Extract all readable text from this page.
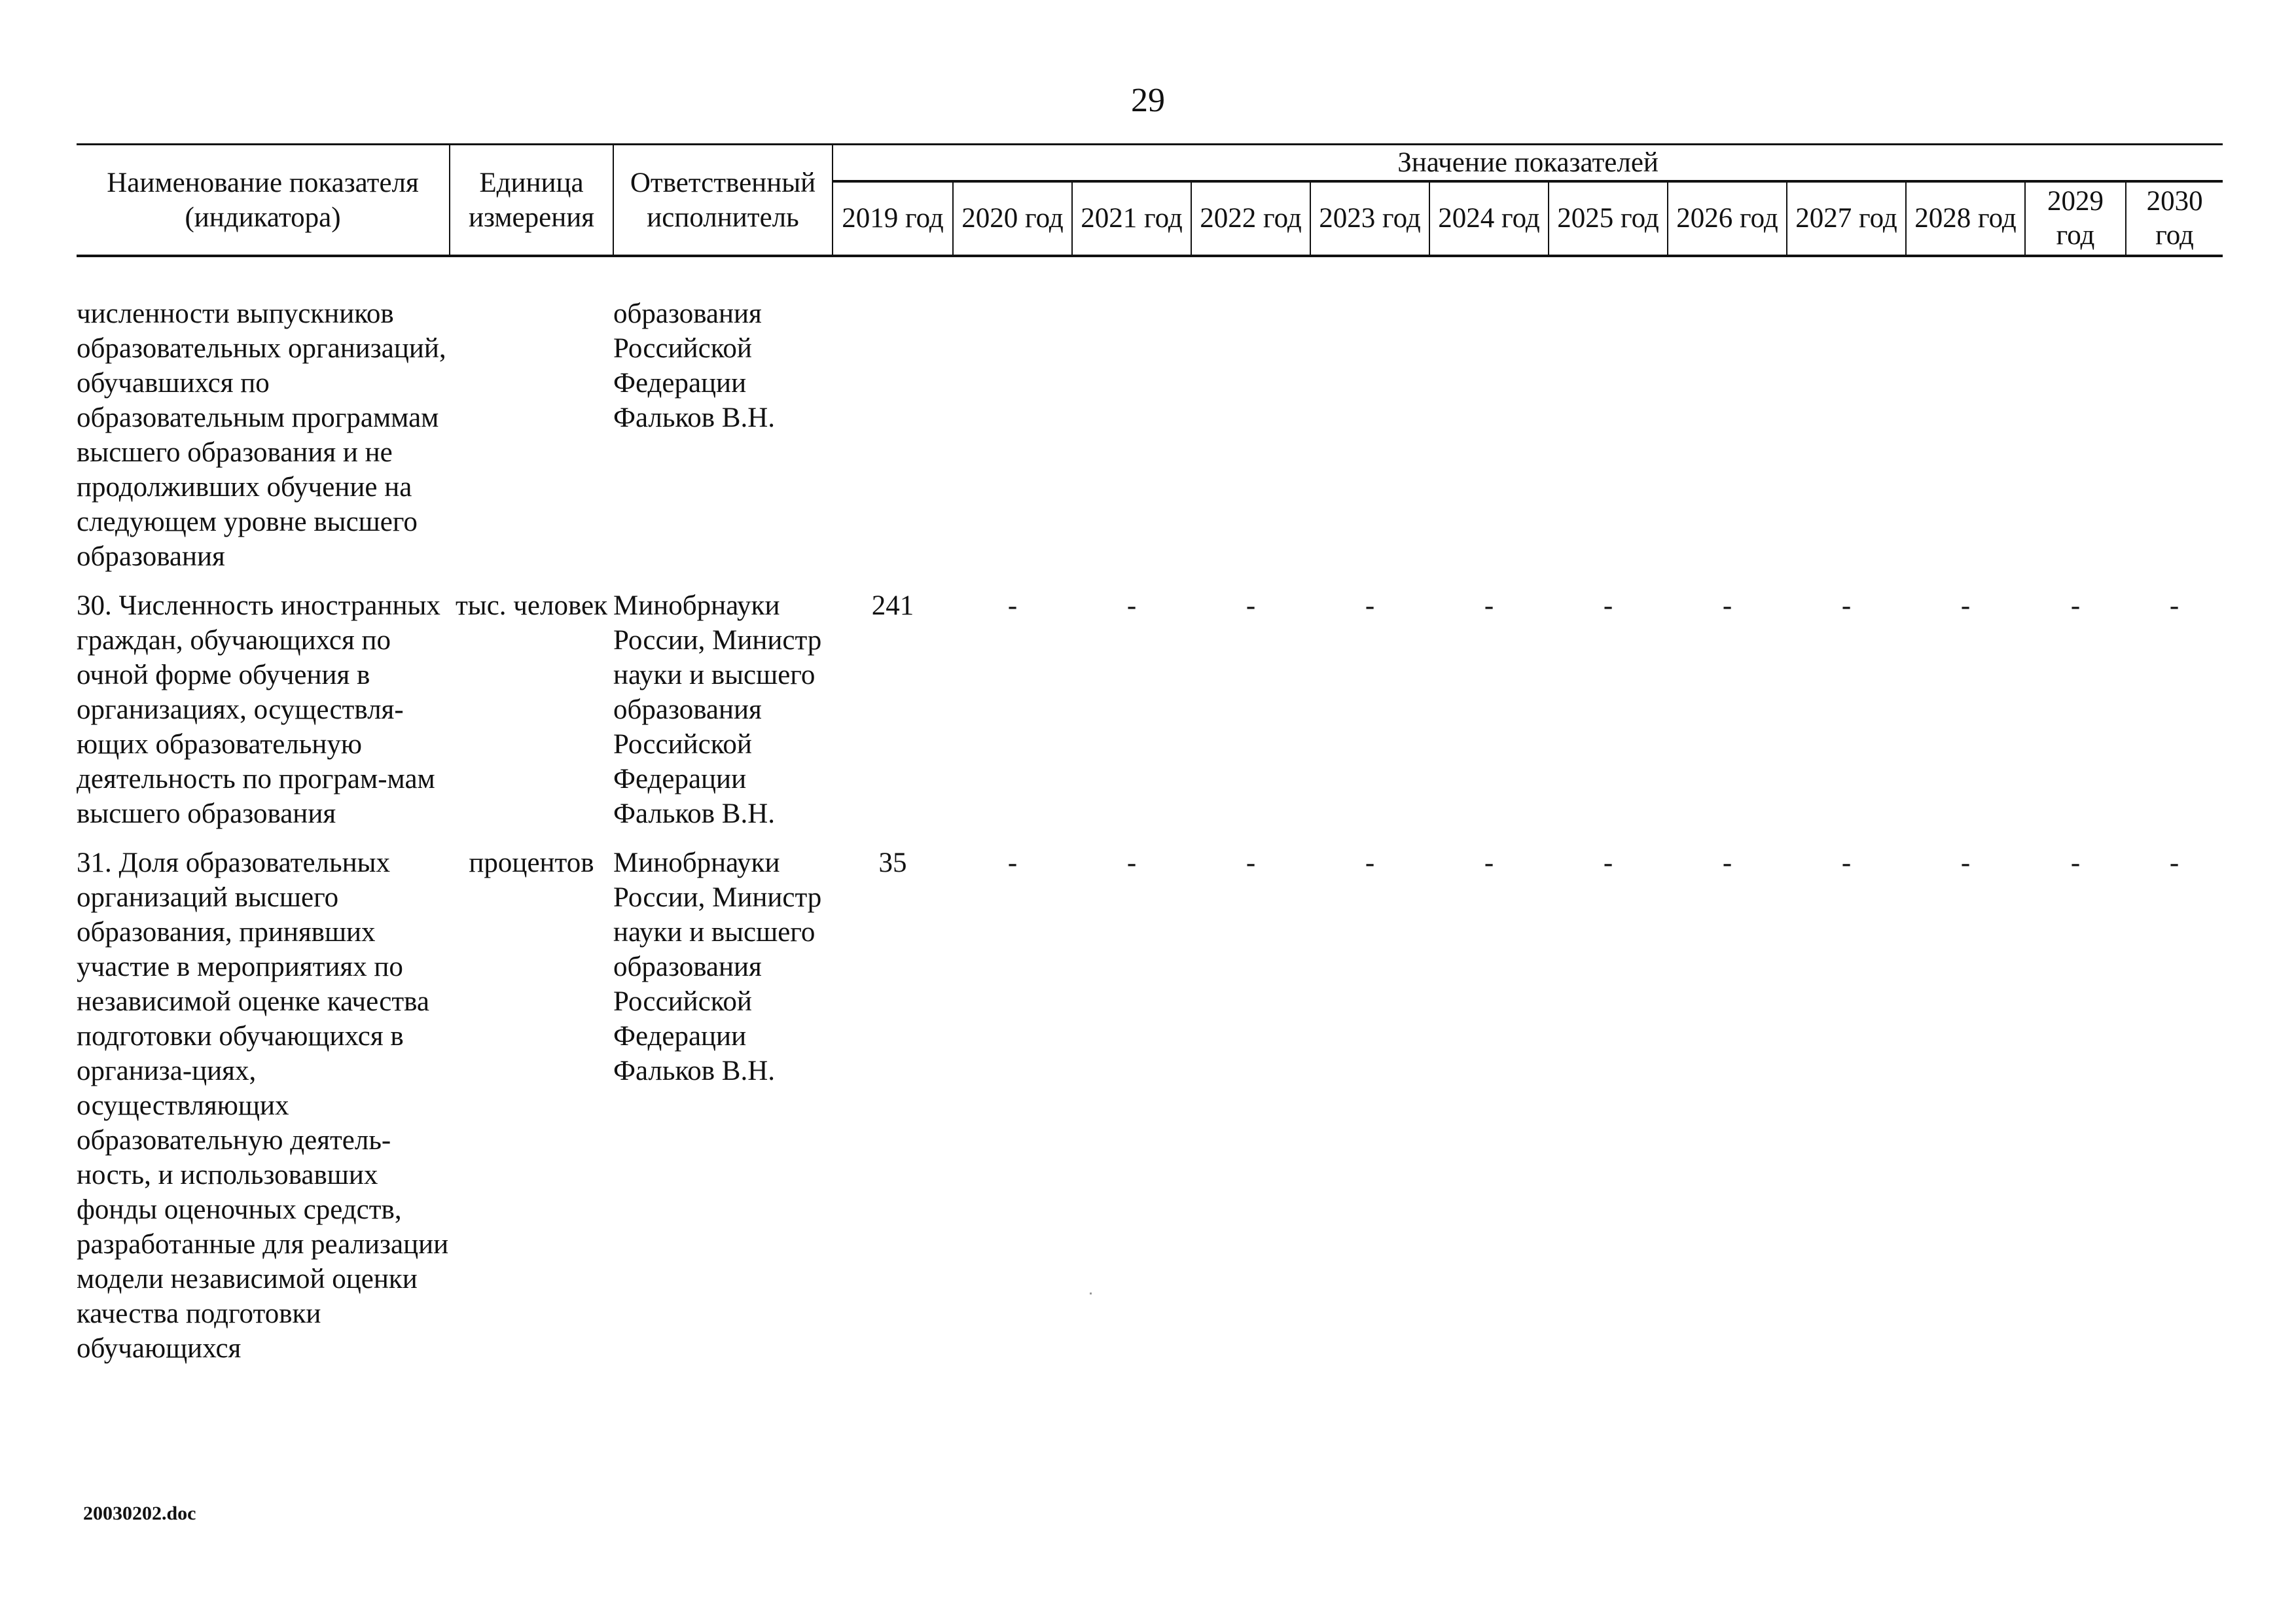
29
Наименование показателя (индикатора)	Единица измерения	Ответственный исполнитель	Значение показателей											
			2019 год	2020 год	2021 год	2022 год	2023 год	2024 год	2025 год	2026 год	2027 год	2028 год	2029 год	2030 год

численности выпускников образовательных организаций, обучавшихся по образовательным программам высшего образования и не продолживших обучение на следующем уровне высшего образования		образования Российской Федерации Фальков В.Н.												

30. Численность иностранных граждан, обучающихся по очной форме обучения в организациях, осуществля-ющих образовательную деятельность по програм-мам высшего образования	тыс. человек	Минобрнауки России, Министр науки и высшего образования Российской Федерации Фальков В.Н.	241	-	-	-	-	-	-	-	-	-	-	-

31. Доля образовательных организаций высшего образования, принявших участие в мероприятиях по независимой оценке качества подготовки обучающихся в организа-циях, осуществляющих образовательную деятель-ность, и использовавших фонды оценочных средств, разработанные для реализации модели независимой оценки качества подготовки обучающихся	процентов	Минобрнауки России, Министр науки и высшего образования Российской Федерации Фальков В.Н.	35	-	-	-	-	-	-	-	-	-	-	-
20030202.doc
